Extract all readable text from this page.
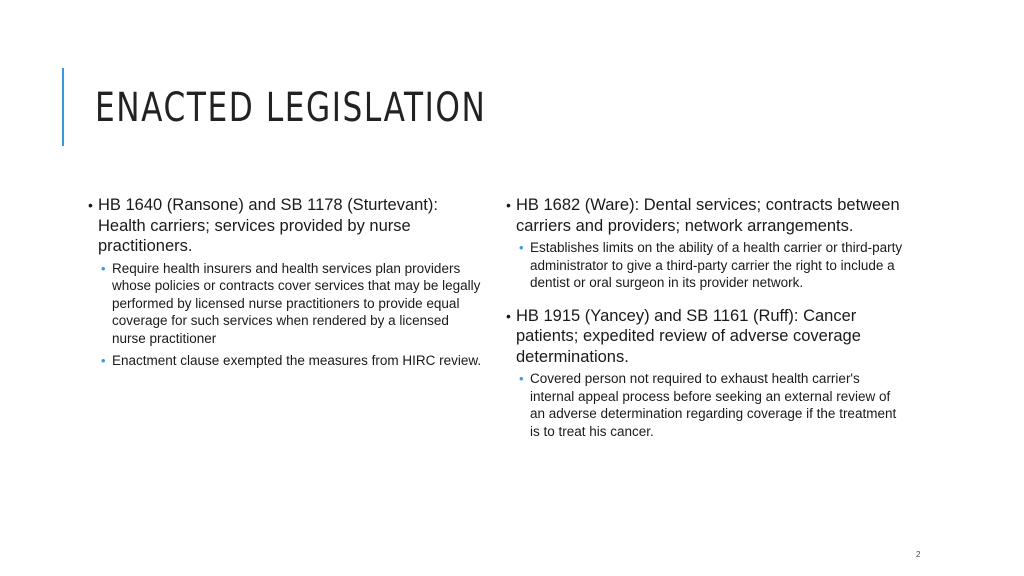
ENACTED LEGISLATION
• HB 1640 (Ransone) and SB 1178 (Sturtevant): Health carriers; services provided by nurse practitioners.
• Require health insurers and health services plan providers whose policies or contracts cover services that may be legally performed by licensed nurse practitioners to provide equal coverage for such services when rendered by a licensed nurse practitioner
• Enactment clause exempted the measures from HIRC review.
• HB 1682 (Ware): Dental services; contracts between carriers and providers; network arrangements.
• Establishes limits on the ability of a health carrier or third-party administrator to give a third-party carrier the right to include a dentist or oral surgeon in its provider network.
• HB 1915 (Yancey) and SB 1161 (Ruff): Cancer patients; expedited review of adverse coverage determinations.
• Covered person not required to exhaust health carrier's internal appeal process before seeking an external review of an adverse determination regarding coverage if the treatment is to treat his cancer.
2
